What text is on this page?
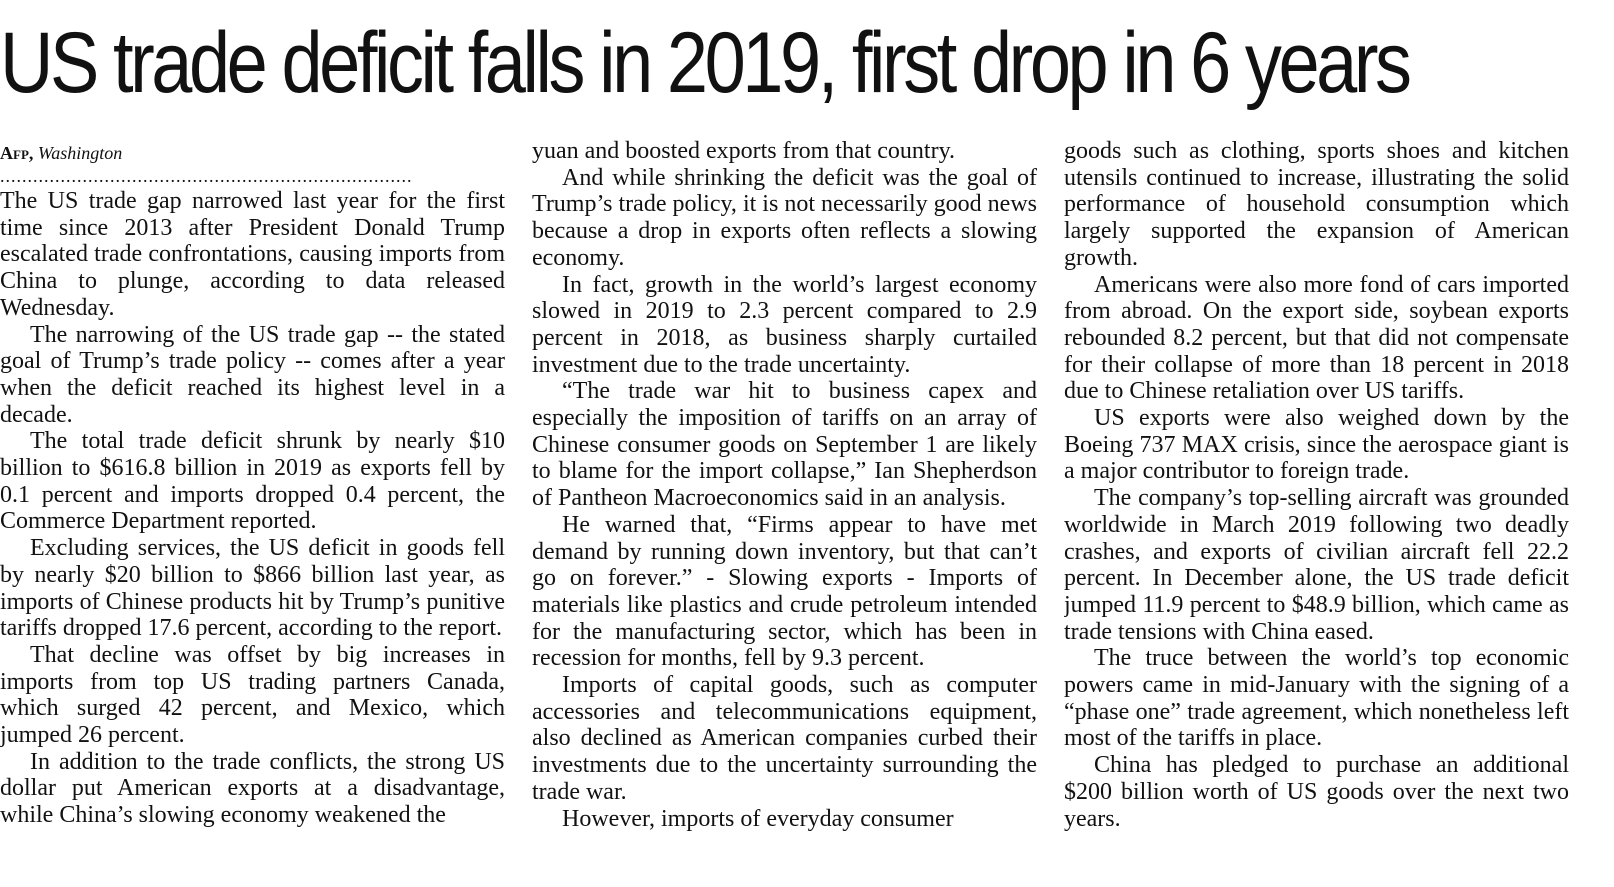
US trade deficit falls in 2019, first drop in 6 years
Afp, Washington
...........................................................................

The US trade gap narrowed last year for the first time since 2013 after President Donald Trump escalated trade confrontations, causing imports from China to plunge, according to data released Wednesday.

The narrowing of the US trade gap -- the stated goal of Trump’s trade policy -- comes after a year when the deficit reached its highest level in a decade.

The total trade deficit shrunk by nearly $10 billion to $616.8 billion in 2019 as exports fell by 0.1 percent and imports dropped 0.4 percent, the Commerce Department reported.

Excluding services, the US deficit in goods fell by nearly $20 billion to $866 billion last year, as imports of Chinese products hit by Trump’s punitive tariffs dropped 17.6 percent, according to the report.

That decline was offset by big increases in imports from top US trading partners Canada, which surged 42 percent, and Mexico, which jumped 26 percent.

In addition to the trade conflicts, the strong US dollar put American exports at a disadvantage, while China’s slowing economy weakened the

yuan and boosted exports from that country.

And while shrinking the deficit was the goal of Trump’s trade policy, it is not necessarily good news because a drop in exports often reflects a slowing economy.

In fact, growth in the world’s largest economy slowed in 2019 to 2.3 percent compared to 2.9 percent in 2018, as business sharply curtailed investment due to the trade uncertainty.

“The trade war hit to business capex and especially the imposition of tariffs on an array of Chinese consumer goods on September 1 are likely to blame for the import collapse,” Ian Shepherdson of Pantheon Macroeconomics said in an analysis.

He warned that, “Firms appear to have met demand by running down inventory, but that can’t go on forever.” - Slowing exports - Imports of materials like plastics and crude petroleum intended for the manufacturing sector, which has been in recession for months, fell by 9.3 percent.

Imports of capital goods, such as computer accessories and telecommunications equipment, also declined as American companies curbed their investments due to the uncertainty surrounding the trade war.

However, imports of everyday consumer

goods such as clothing, sports shoes and kitchen utensils continued to increase, illustrating the solid performance of household consumption which largely supported the expansion of American growth.

Americans were also more fond of cars imported from abroad. On the export side, soybean exports rebounded 8.2 percent, but that did not compensate for their collapse of more than 18 percent in 2018 due to Chinese retaliation over US tariffs.

US exports were also weighed down by the Boeing 737 MAX crisis, since the aerospace giant is a major contributor to foreign trade.

The company’s top-selling aircraft was grounded worldwide in March 2019 following two deadly crashes, and exports of civilian aircraft fell 22.2 percent. In December alone, the US trade deficit jumped 11.9 percent to $48.9 billion, which came as trade tensions with China eased.

The truce between the world’s top economic powers came in mid-January with the signing of a “phase one” trade agreement, which nonetheless left most of the tariffs in place.

China has pledged to purchase an additional $200 billion worth of US goods over the next two years.
